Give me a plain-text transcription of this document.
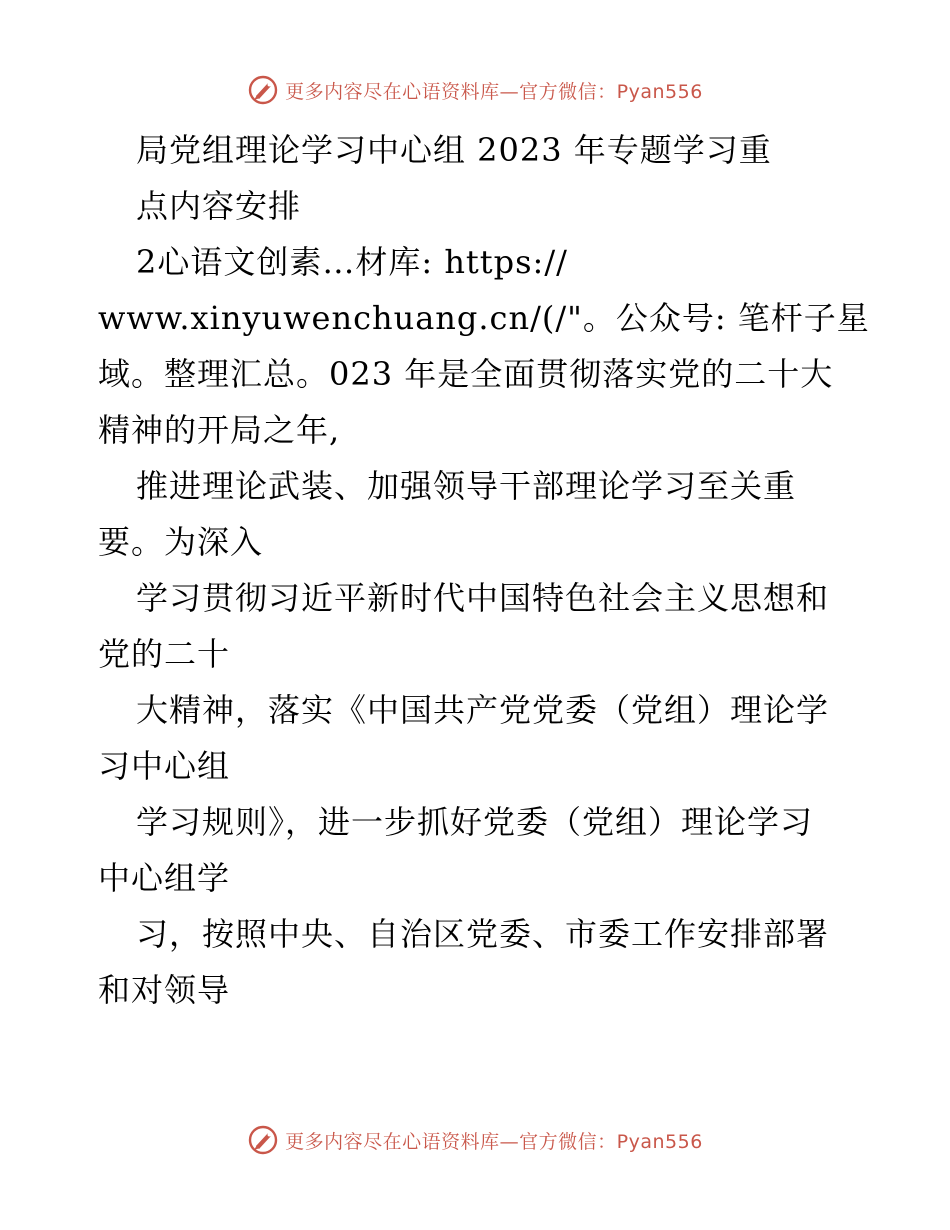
更多内容尽在心语资料库—官方微信：Pyan556
局党组理论学习中心组 2023 年专题学习重
点内容安排
2心语文创素…材库: https://
www.xinyuwenchuang.cn/(/"。公众号: 笔杆子星
域。整理汇总。023 年是全面贯彻落实党的二十大
精神的开局之年,
推进理论武装、加强领导干部理论学习至关重
要。为深入
学习贯彻习近平新时代中国特色社会主义思想和
党的二十
大精神，落实《中国共产党党委（党组）理论学
习中心组
学习规则》，进一步抓好党委（党组）理论学习
中心组学
习，按照中央、自治区党委、市委工作安排部署
和对领导
更多内容尽在心语资料库—官方微信：Pyan556
